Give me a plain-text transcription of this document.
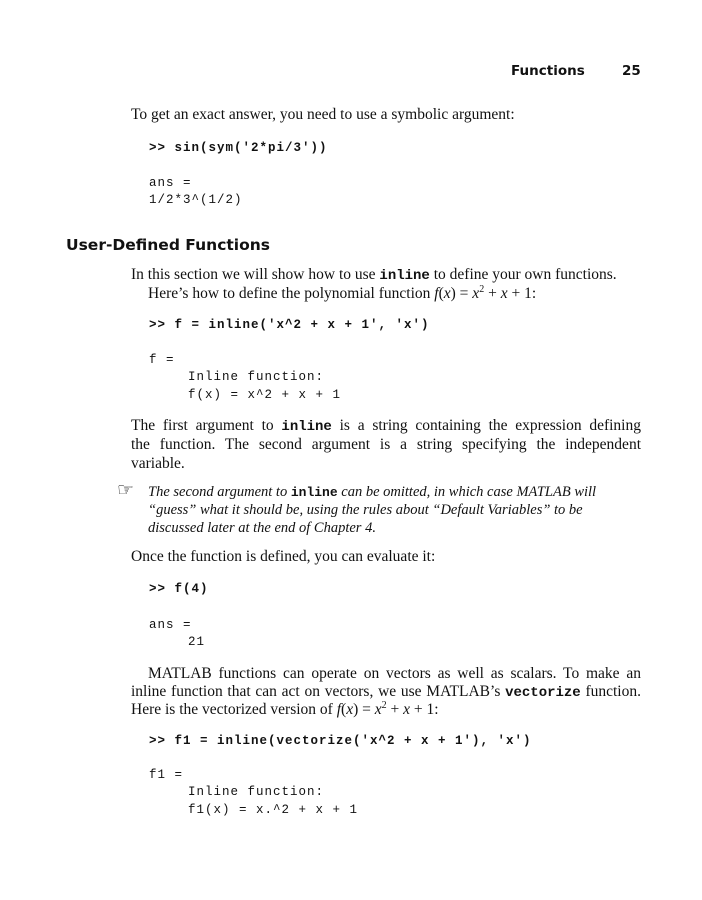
Functions	25
To get an exact answer, you need to use a symbolic argument:
>> sin(sym('2*pi/3'))
ans =
1/2*3^(1/2)
User-Defined Functions
In this section we will show how to use inline to define your own functions.
Here’s how to define the polynomial function $f(x) = x^2 + x + 1$:
>> f = inline('x^2 + x + 1', 'x')
f =
Inline function:
f(x) = x^2 + x + 1
The first argument to inline is a string containing the expression defining
the function. The second argument is a string specifying the independent
variable.
☞ The second argument to inline can be omitted, in which case MATLAB will
“guess” what it should be, using the rules about “Default Variables” to be
discussed later at the end of Chapter 4.
Once the function is defined, you can evaluate it:
>> f(4)
ans =
21
MATLAB functions can operate on vectors as well as scalars. To make an
inline function that can act on vectors, we use MATLAB’s vectorize function.
Here is the vectorized version of $f(x) = x^2 + x + 1$:
>> f1 = inline(vectorize('x^2 + x + 1'), 'x')
f1 =
Inline function:
f1(x) = x.^2 + x + 1
